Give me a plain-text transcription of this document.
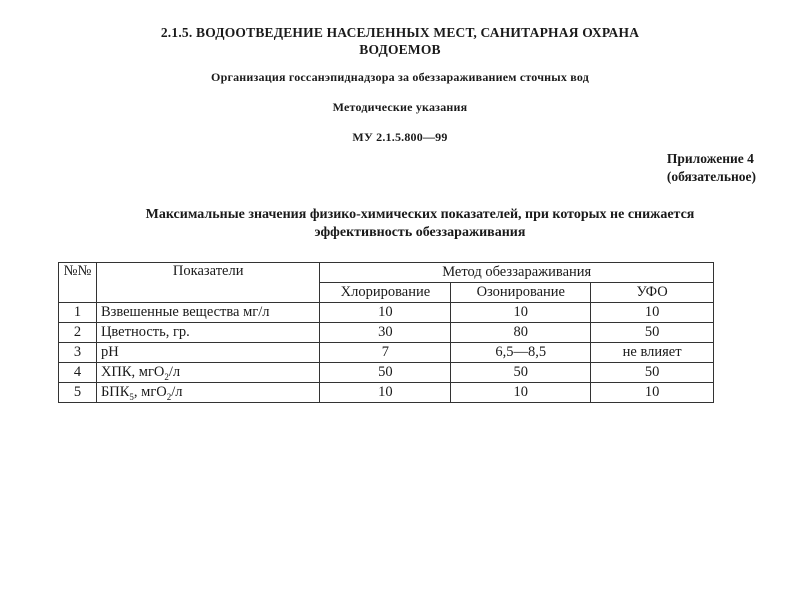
2.1.5. ВОДООТВЕДЕНИЕ НАСЕЛЕННЫХ МЕСТ, САНИТАРНАЯ ОХРАНА
ВОДОЕМОВ
Организация госсанэпиднадзора за обеззараживанием сточных вод
Методические указания
МУ 2.1.5.800—99
Приложение 4
(обязательное)
Максимальные значения физико-химических показателей, при которых не снижается
эффективность обеззараживания
№№	Показатели	Метод обеззараживания		
		Хлорирование	Озонирование	УФО
1	Взвешенные вещества мг/л	10	10	10
2	Цветность, гр.	30	80	50
3	pH	7	6,5—8,5	не влияет
4	ХПК, мгО$_2$/л	50	50	50
5	$БПК_5$, мгО$_2$/л	10	10	10
